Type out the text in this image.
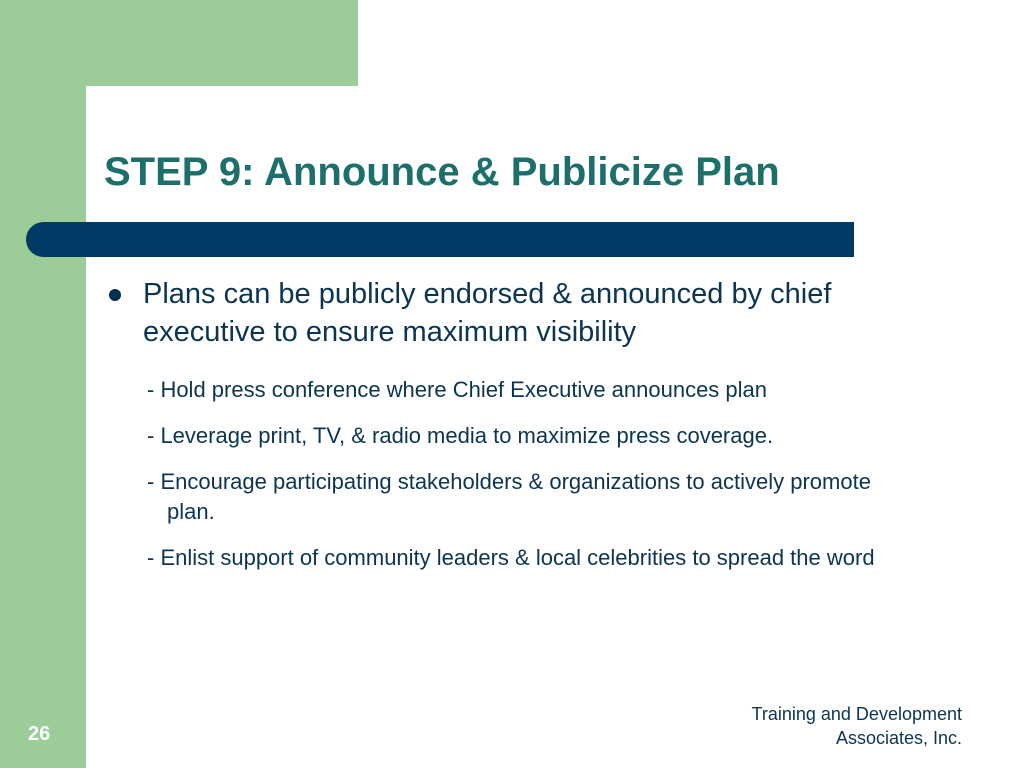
STEP 9: Announce & Publicize Plan

Plans can be publicly endorsed & announced by chief executive to ensure maximum visibility

- Hold press conference where Chief Executive announces plan
- Leverage print, TV, & radio media to maximize press coverage.
- Encourage participating stakeholders & organizations to actively promote plan.
- Enlist support of community leaders & local celebrities to spread the word
26
Training and Development
Associates, Inc.
